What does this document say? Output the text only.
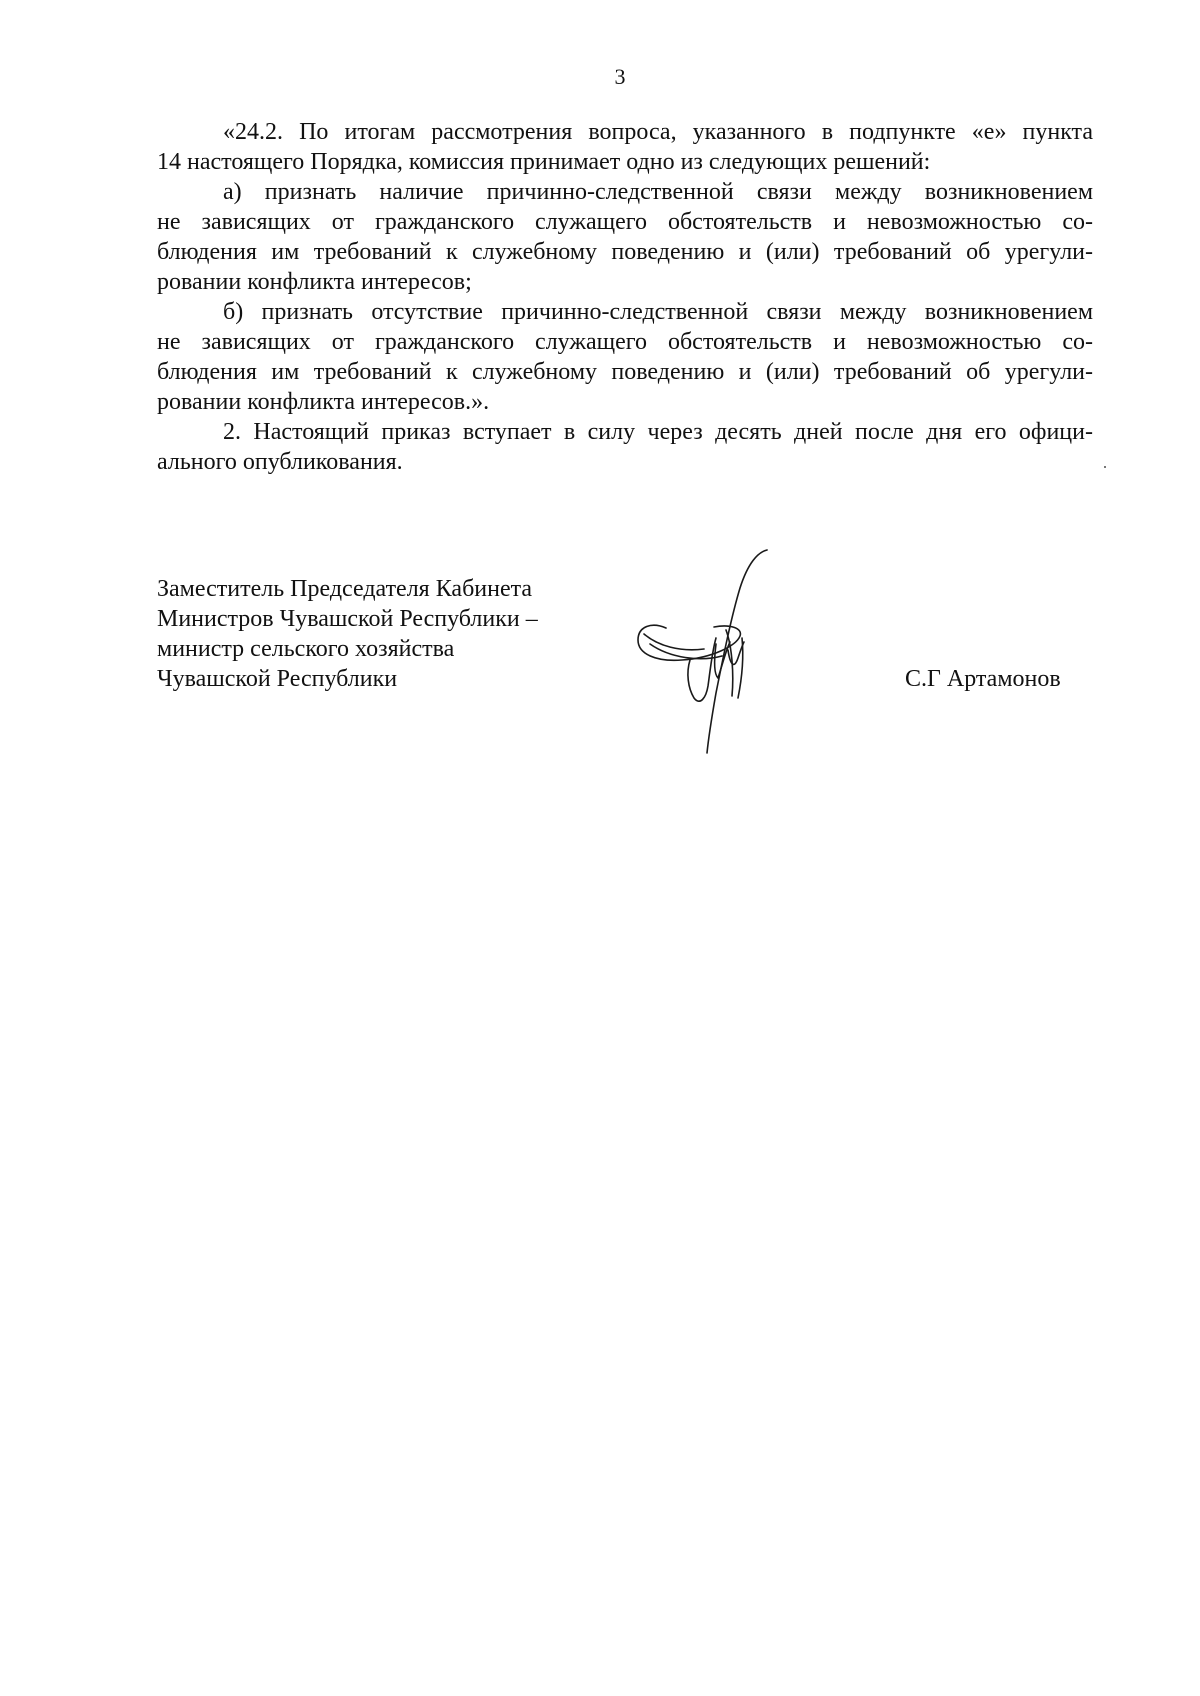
3
«24.2. По итогам рассмотрения вопроса, указанного в подпункте «е» пункта
14 настоящего Порядка, комиссия принимает одно из следующих решений:
а) признать наличие причинно-следственной связи между возникновением
не зависящих от гражданского служащего обстоятельств и невозможностью со-
блюдения им требований к служебному поведению и (или) требований об урегули-
ровании конфликта интересов;
б) признать отсутствие причинно-следственной связи между возникновением
не зависящих от гражданского служащего обстоятельств и невозможностью со-
блюдения им требований к служебному поведению и (или) требований об урегули-
ровании конфликта интересов.».
2. Настоящий приказ вступает в силу через десять дней после дня его офици-
ального опубликования.
Заместитель Председателя Кабинета
Министров Чувашской Республики –
министр сельского хозяйства
Чувашской Республики	С.Г Артамонов
